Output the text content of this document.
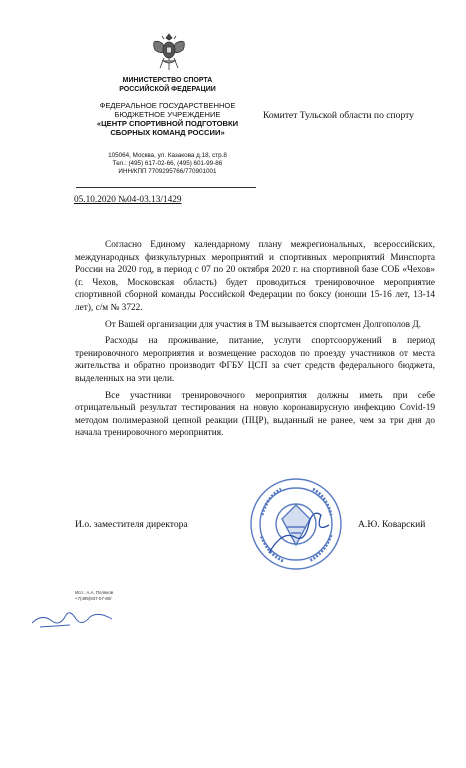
МИНИСТЕРСТВО СПОРТА
РОССИЙСКОЙ ФЕДЕРАЦИИ
ФЕДЕРАЛЬНОЕ ГОСУДАРСТВЕННОЕ
БЮДЖЕТНОЕ УЧРЕЖДЕНИЕ
«ЦЕНТР СПОРТИВНОЙ ПОДГОТОВКИ
СБОРНЫХ КОМАНД РОССИИ»
105064, Москва, ул. Казакова д.18, стр.8
Тел.: (495) 617-02-66, (495) 601-99-86
ИНН/КПП 7709295766/770901001
Комитет Тульской области по спорту
05.10.2020 №04-03.13/1429

Согласно Единому календарному плану межрегиональных, всероссийских, международных физкультурных мероприятий и спортивных мероприятий Минспорта России на 2020 год, в период с 07 по 20 октября 2020 г. на спортивной базе СОБ «Чехов» (г. Чехов, Московская область) будет проводиться тренировочное мероприятие спортивной сборной команды Российской Федерации по боксу (юноши 15-16 лет, 13-14 лет), с/м № 3722.

От Вашей организации для участия в ТМ вызывается спортсмен Долгополов Д.

Расходы на проживание, питание, услуги спортсооружений в период тренировочного мероприятия и возмещение расходов по проезду участников от места жительства и обратно производит ФГБУ ЦСП за счет средств федерального бюджета, выделенных на эти цели.

Все участники тренировочного мероприятия должны иметь при себе отрицательный результат тестирования на новую коронавирусную инфекцию Covid-19 методом полимеразной цепной реакции (ПЦР), выданный не ранее, чем за три дня до начала тренировочного мероприятия.

И.о. заместителя директора	А.Ю. Коварский
Исп.: А.А. Поляков
+7(495)937-07-80/
